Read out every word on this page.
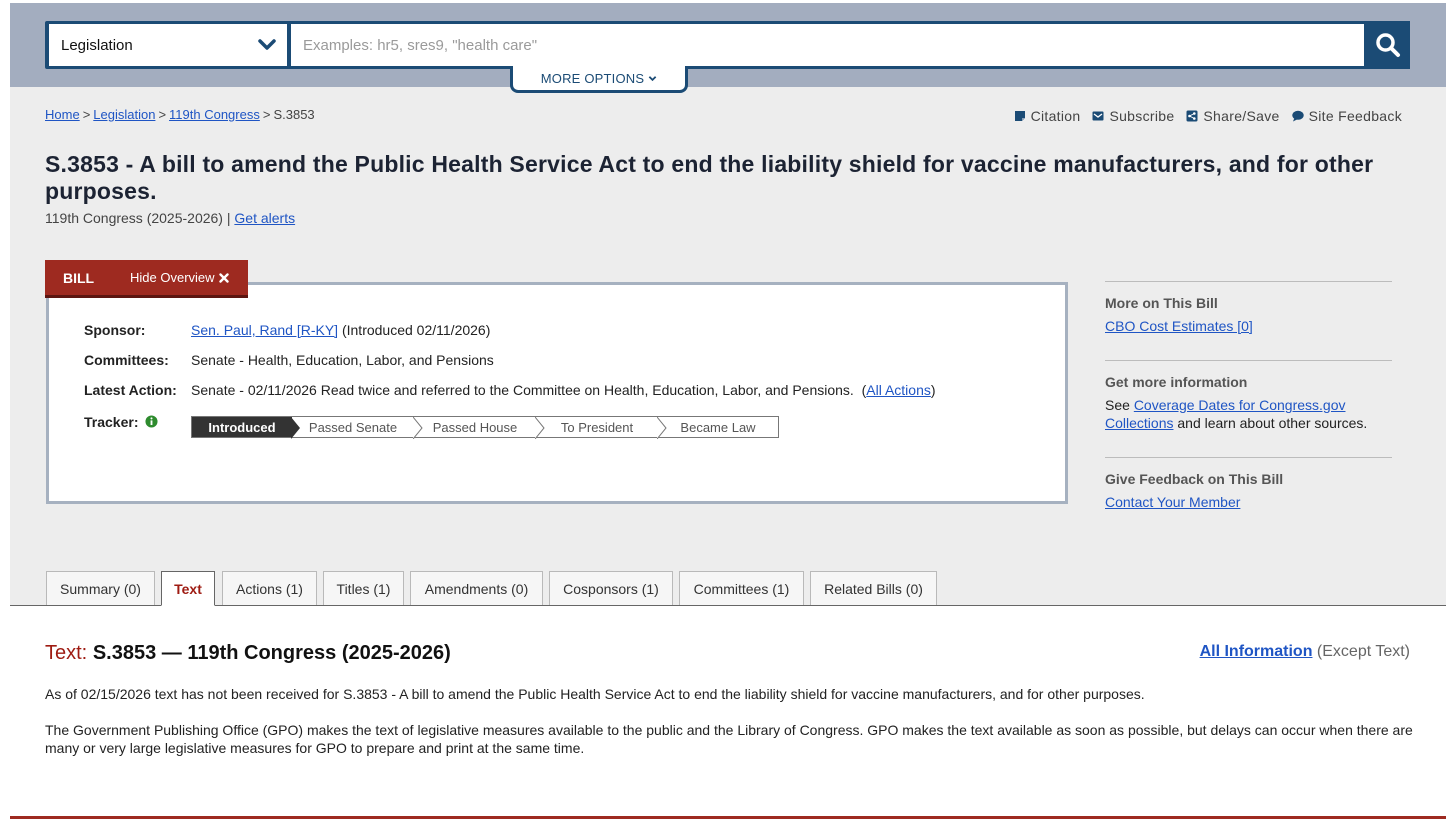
Legislation
Examples: hr5, sres9, "health care"
MORE OPTIONS
Home > Legislation > 119th Congress > S.3853	Citation Subscribe Share/Save Site Feedback
S.3853 - A bill to amend the Public Health Service Act to end the liability shield for vaccine manufacturers, and for other purposes.
119th Congress (2025-2026) | Get alerts
BILL	Hide Overview
Sponsor:	Sen. Paul, Rand [R-KY] (Introduced 02/11/2026)
Committees: Senate - Health, Education, Labor, and Pensions
Latest Action: Senate - 02/11/2026 Read twice and referred to the Committee on Health, Education, Labor, and Pensions. (All Actions)
Tracker:	Introduced	Passed Senate	Passed House	To President	Became Law
More on This Bill

CBO Cost Estimates [0]

Get more information

See Coverage Dates for Congress.gov Collections and learn about other sources.

Give Feedback on This Bill

Contact Your Member

Summary (0) Text Actions (1) Titles (1) Amendments (0) Cosponsors (1) Committees (1) Related Bills (0)
Text: S.3853 — 119th Congress (2025-2026)	All Information (Except Text)

As of 02/15/2026 text has not been received for S.3853 - A bill to amend the Public Health Service Act to end the liability shield for vaccine manufacturers, and for other purposes.

The Government Publishing Office (GPO) makes the text of legislative measures available to the public and the Library of Congress. GPO makes the text available as soon as possible, but delays can occur when there are many or very large legislative measures for GPO to prepare and print at the same time.
